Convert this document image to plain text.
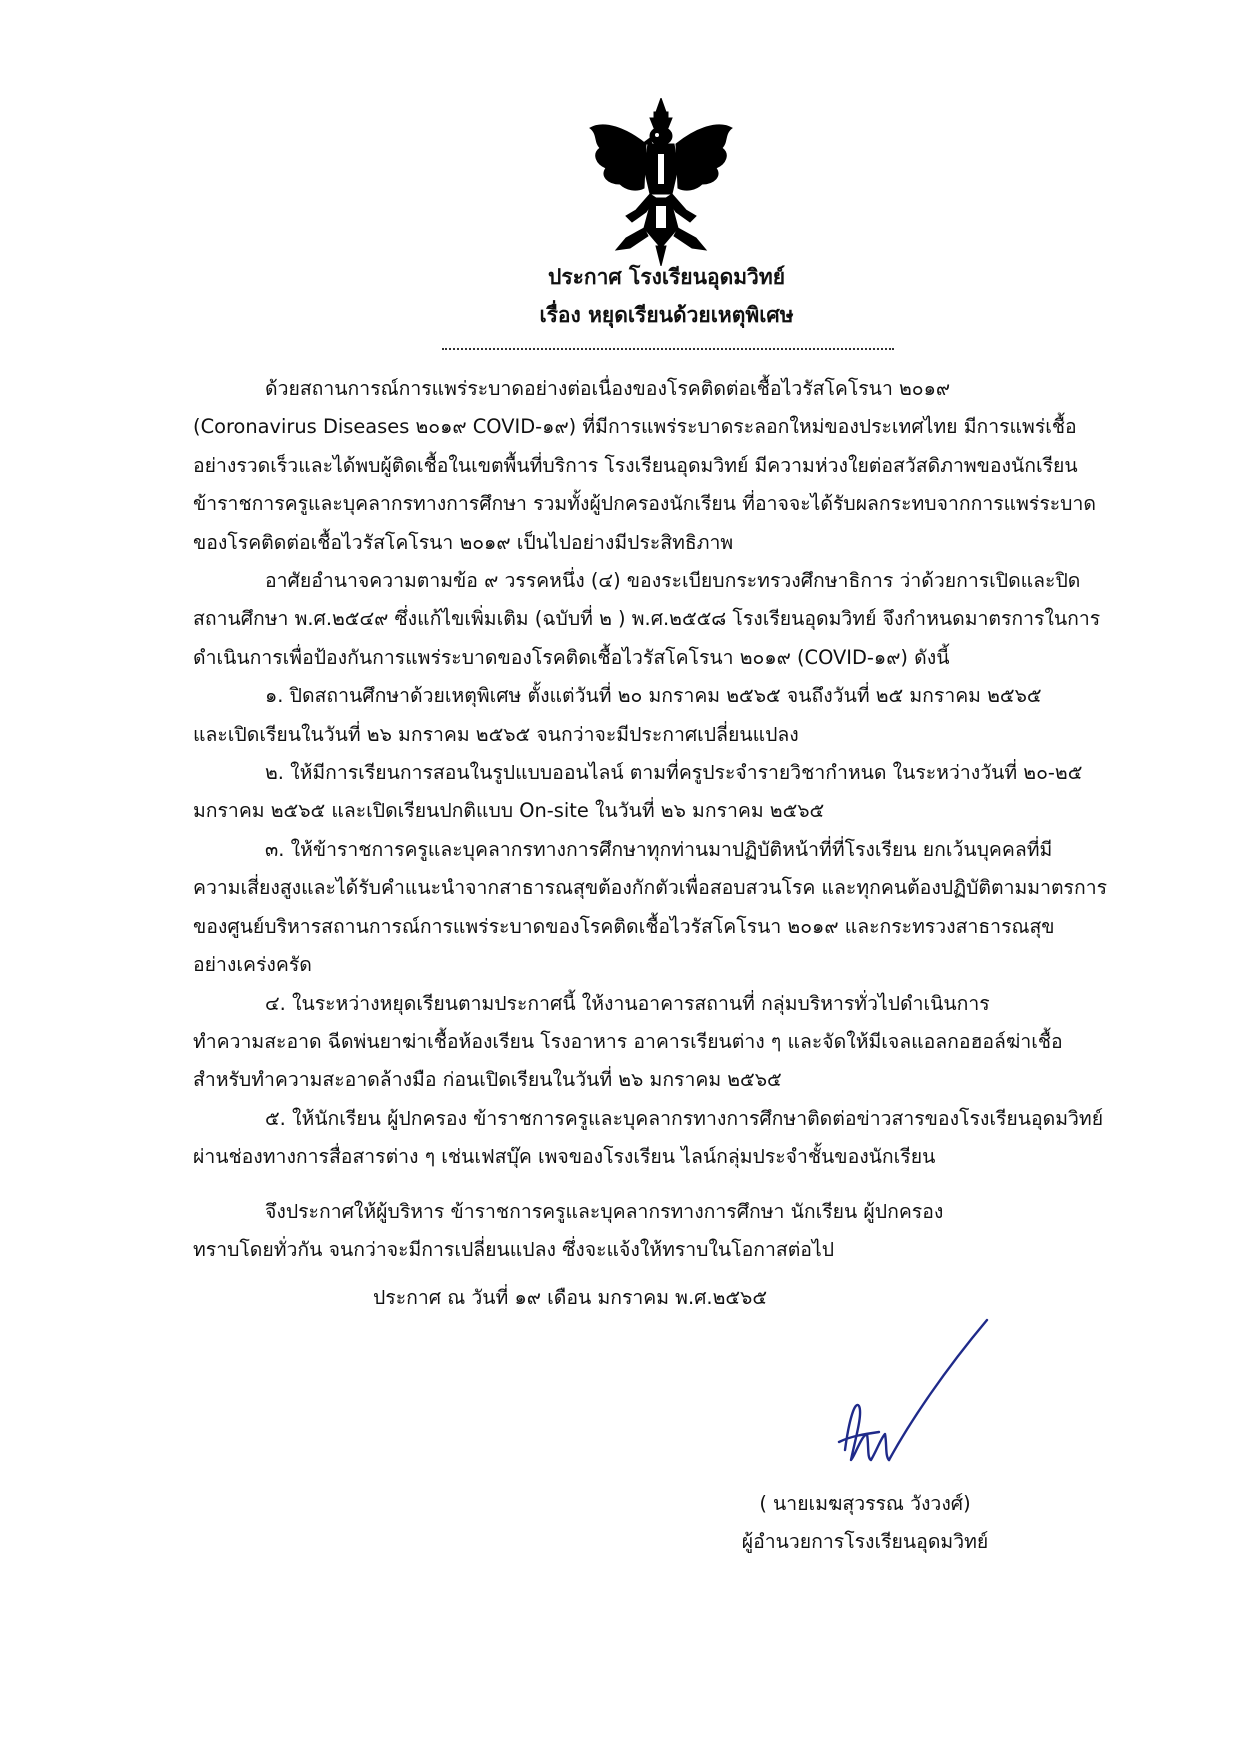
ประกาศ โรงเรียนอุดมวิทย์
เรื่อง หยุดเรียนด้วยเหตุพิเศษ

ด้วยสถานการณ์การแพร่ระบาดอย่างต่อเนื่องของโรคติดต่อเชื้อไวรัสโคโรนา ๒๐๑๙
(Coronavirus Diseases ๒๐๑๙ COVID-๑๙) ที่มีการแพร่ระบาดระลอกใหม่ของประเทศไทย มีการแพร่เชื้อ
อย่างรวดเร็วและได้พบผู้ติดเชื้อในเขตพื้นที่บริการ โรงเรียนอุดมวิทย์ มีความห่วงใยต่อสวัสดิภาพของนักเรียน
ข้าราชการครูและบุคลากรทางการศึกษา รวมทั้งผู้ปกครองนักเรียน ที่อาจจะได้รับผลกระทบจากการแพร่ระบาด
ของโรคติดต่อเชื้อไวรัสโคโรนา ๒๐๑๙ เป็นไปอย่างมีประสิทธิภาพ

อาศัยอำนาจความตามข้อ ๙ วรรคหนึ่ง (๔) ของระเบียบกระทรวงศึกษาธิการ ว่าด้วยการเปิดและปิด
สถานศึกษา พ.ศ.๒๕๔๙ ซึ่งแก้ไขเพิ่มเติม (ฉบับที่ ๒ ) พ.ศ.๒๕๕๘ โรงเรียนอุดมวิทย์ จึงกำหนดมาตรการในการ
ดำเนินการเพื่อป้องกันการแพร่ระบาดของโรคติดเชื้อไวรัสโคโรนา ๒๐๑๙ (COVID-๑๙) ดังนี้

๑. ปิดสถานศึกษาด้วยเหตุพิเศษ ตั้งแต่วันที่ ๒๐ มกราคม ๒๕๖๕ จนถึงวันที่ ๒๕ มกราคม ๒๕๖๕
และเปิดเรียนในวันที่ ๒๖ มกราคม ๒๕๖๕ จนกว่าจะมีประกาศเปลี่ยนแปลง

๒. ให้มีการเรียนการสอนในรูปแบบออนไลน์ ตามที่ครูประจำรายวิชากำหนด ในระหว่างวันที่ ๒๐-๒๕
มกราคม ๒๕๖๕ และเปิดเรียนปกติแบบ On-site ในวันที่ ๒๖ มกราคม ๒๕๖๕

๓. ให้ข้าราชการครูและบุคลากรทางการศึกษาทุกท่านมาปฏิบัติหน้าที่ที่โรงเรียน ยกเว้นบุคคลที่มี
ความเสี่ยงสูงและได้รับคำแนะนำจากสาธารณสุขต้องกักตัวเพื่อสอบสวนโรค และทุกคนต้องปฏิบัติตามมาตรการ
ของศูนย์บริหารสถานการณ์การแพร่ระบาดของโรคติดเชื้อไวรัสโคโรนา ๒๐๑๙ และกระทรวงสาธารณสุข
อย่างเคร่งครัด

๔. ในระหว่างหยุดเรียนตามประกาศนี้ ให้งานอาคารสถานที่ กลุ่มบริหารทั่วไปดำเนินการ
ทำความสะอาด ฉีดพ่นยาฆ่าเชื้อห้องเรียน โรงอาหาร อาคารเรียนต่าง ๆ และจัดให้มีเจลแอลกอฮอล์ฆ่าเชื้อ
สำหรับทำความสะอาดล้างมือ ก่อนเปิดเรียนในวันที่ ๒๖ มกราคม ๒๕๖๕

๕. ให้นักเรียน ผู้ปกครอง ข้าราชการครูและบุคลากรทางการศึกษาติดต่อข่าวสารของโรงเรียนอุดมวิทย์
ผ่านช่องทางการสื่อสารต่าง ๆ เช่นเฟสบุ๊ค เพจของโรงเรียน ไลน์กลุ่มประจำชั้นของนักเรียน

จึงประกาศให้ผู้บริหาร ข้าราชการครูและบุคลากรทางการศึกษา นักเรียน ผู้ปกครอง
ทราบโดยทั่วกัน จนกว่าจะมีการเปลี่ยนแปลง ซึ่งจะแจ้งให้ทราบในโอกาสต่อไป

ประกาศ ณ วันที่ ๑๙ เดือน มกราคม พ.ศ.๒๕๖๕
( นายเมฆสุวรรณ วังวงศ์)
ผู้อำนวยการโรงเรียนอุดมวิทย์
